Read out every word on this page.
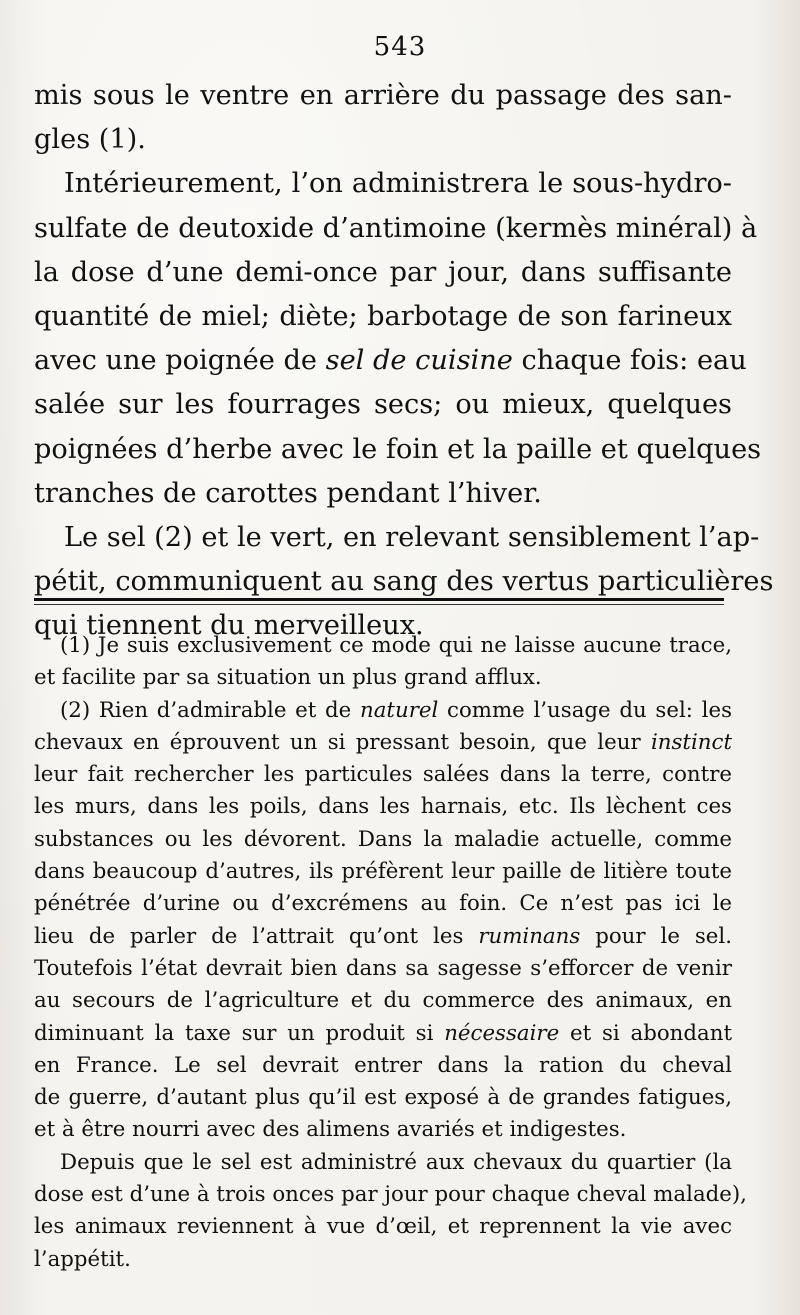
543

mis sous le ventre en arrière du passage des san-
gles (1).

Intérieurement, l’on administrera le sous-hydro-
sulfate de deutoxide d’antimoine (kermès minéral) à
la dose d’une demi-once par jour, dans suffisante
quantité de miel; diète; barbotage de son farineux
avec une poignée de sel de cuisine chaque fois: eau
salée sur les fourrages secs; ou mieux, quelques
poignées d’herbe avec le foin et la paille et quelques
tranches de carottes pendant l’hiver.

Le sel (2) et le vert, en relevant sensiblement l’ap-
pétit, communiquent au sang des vertus particulières
qui tiennent du merveilleux.

(1) Je suis exclusivement ce mode qui ne laisse aucune trace,
et facilite par sa situation un plus grand afflux.
(2) Rien d’admirable et de naturel comme l’usage du sel: les
chevaux en éprouvent un si pressant besoin, que leur instinct
leur fait rechercher les particules salées dans la terre, contre
les murs, dans les poils, dans les harnais, etc. Ils lèchent ces
substances ou les dévorent. Dans la maladie actuelle, comme
dans beaucoup d’autres, ils préfèrent leur paille de litière toute
pénétrée d’urine ou d’excrémens au foin. Ce n’est pas ici le
lieu de parler de l’attrait qu’ont les ruminans pour le sel.
Toutefois l’état devrait bien dans sa sagesse s’efforcer de venir
au secours de l’agriculture et du commerce des animaux, en
diminuant la taxe sur un produit si nécessaire et si abondant
en France. Le sel devrait entrer dans la ration du cheval
de guerre, d’autant plus qu’il est exposé à de grandes fatigues,
et à être nourri avec des alimens avariés et indigestes.
Depuis que le sel est administré aux chevaux du quartier (la
dose est d’une à trois onces par jour pour chaque cheval malade),
les animaux reviennent à vue d’œil, et reprennent la vie avec
l’appétit.
